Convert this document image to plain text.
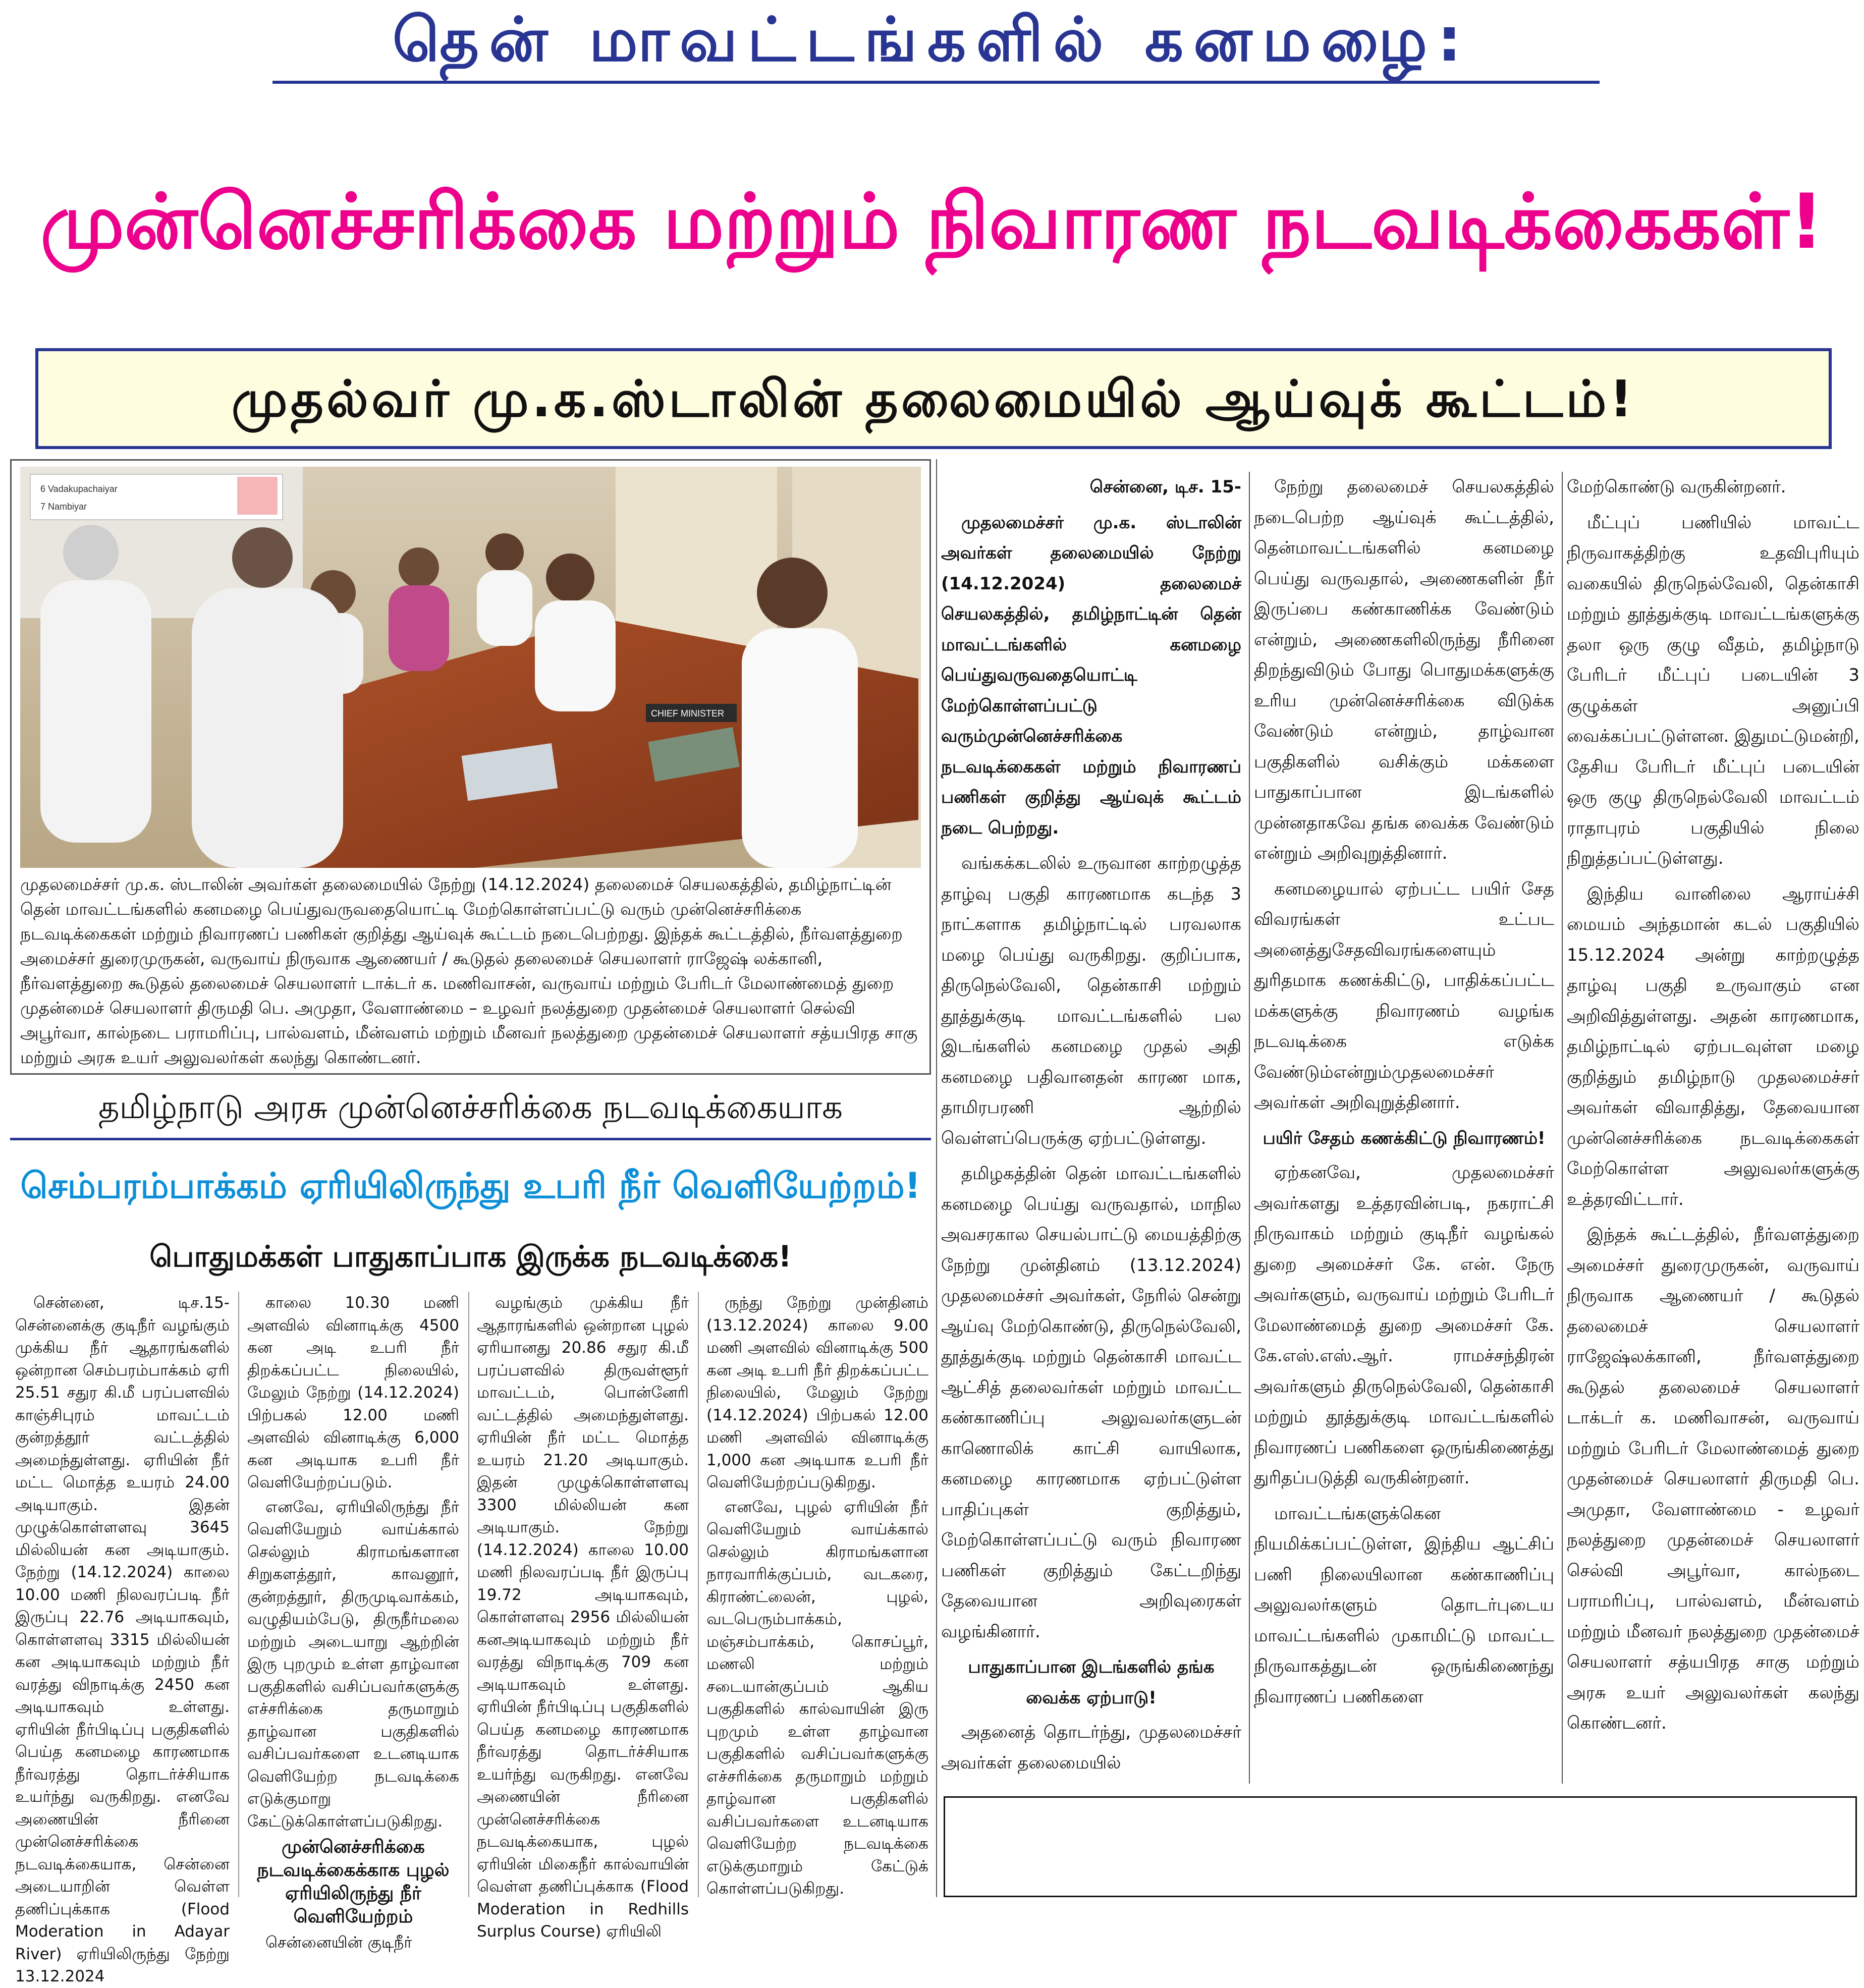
தென் மாவட்டங்களில் கனமழை:
முன்னெச்சரிக்கை மற்றும் நிவாரண நடவடிக்கைகள்!
முதல்வர் மு.க.ஸ்டாலின் தலைமையில் ஆய்வுக் கூட்டம்!
6 Vadakupachaiyar
7 Nambiyar
CHIEF MINISTER
முதலமைச்சர் மு.க. ஸ்டாலின் அவர்கள் தலைமையில் நேற்று (14.12.2024) தலைமைச் செயலகத்தில், தமிழ்நாட்டின் தென் மாவட்டங்களில் கனமழை பெய்துவருவதையொட்டி மேற்கொள்ளப்பட்டு வரும் முன்னெச்சரிக்கை நடவடிக்கைகள் மற்றும் நிவாரணப் பணிகள் குறித்து ஆய்வுக் கூட்டம் நடைபெற்றது. இந்தக் கூட்டத்தில், நீர்வளத்துறை அமைச்சர் துரைமுருகன், வருவாய் நிருவாக ஆணையர் / கூடுதல் தலைமைச் செயலாளர் ராஜேஷ் லக்கானி, நீர்வளத்துறை கூடுதல் தலைமைச் செயலாளர் டாக்டர் க. மணிவாசன், வருவாய் மற்றும் பேரிடர் மேலாண்மைத் துறை முதன்மைச் செயலாளர் திருமதி பெ. அமுதா, வேளாண்மை – உழவர் நலத்துறை முதன்மைச் செயலாளர் செல்வி அபூர்வா, கால்நடை பராமரிப்பு, பால்வளம், மீன்வளம் மற்றும் மீனவர் நலத்துறை முதன்மைச் செயலாளர் சத்யபிரத சாகு மற்றும் அரசு உயர் அலுவலர்கள் கலந்து கொண்டனர்.
தமிழ்நாடு அரசு முன்னெச்சரிக்கை நடவடிக்கையாக
செம்பரம்பாக்கம் ஏரியிலிருந்து உபரி நீர் வெளியேற்றம்!
பொதுமக்கள் பாதுகாப்பாக இருக்க நடவடிக்கை!

சென்னை, டிச.15- சென்னைக்கு குடிநீர் வழங்கும் முக்கிய நீர் ஆதாரங்களில் ஒன்றான செம்பரம்பாக்கம் ஏரி 25.51 சதுர கி.மீ பரப்பளவில் காஞ்சிபுரம் மாவட்டம் குன்றத்தூர் வட்டத்தில் அமைந்துள்ளது. ஏரியின் நீர் மட்ட மொத்த உயரம் 24.00 அடியாகும். இதன் முழுக்கொள்ளளவு 3645 மில்லியன் கன அடியாகும். நேற்று (14.12.2024) காலை 10.00 மணி நிலவரப்படி நீர் இருப்பு 22.76 அடியாகவும், கொள்ளளவு 3315 மில்லியன் கன அடியாகவும் மற்றும் நீர் வரத்து விநாடிக்கு 2450 கன அடியாகவும் உள்ளது. ஏரியின் நீர்பிடிப்பு பகுதிகளில் பெய்த கனமழை காரணமாக நீர்வரத்து தொடர்ச்சியாக உயர்ந்து வருகிறது. எனவே அணையின் நீரினை முன்னெச்சரிக்கை நடவடிக்கையாக, சென்னை அடையாறின் வெள்ள தணிப்புக்காக (Flood Moderation in Adayar River) ஏரியிலிருந்து நேற்று 13.12.2024

காலை 10.30 மணி அளவில் வினாடிக்கு 4500 கன அடி உபரி நீர் திறக்கப்பட்ட நிலையில், மேலும் நேற்று (14.12.2024) பிற்பகல் 12.00 மணி அளவில் வினாடிக்கு 6,000 கன அடியாக உபரி நீர் வெளியேற்றப்படும்.

எனவே, ஏரியிலிருந்து நீர் வெளியேறும் வாய்க்கால் செல்லும் கிராமங்களான சிறுகளத்தூர், காவனூர், குன்றத்தூர், திருமுடிவாக்கம், வழுதியம்பேடு, திருநீர்மலை மற்றும் அடையாறு ஆற்றின் இரு புறமும் உள்ள தாழ்வான பகுதிகளில் வசிப்பவர்களுக்கு எச்சரிக்கை தருமாறும் தாழ்வான பகுதிகளில் வசிப்பவர்களை உடனடியாக வெளியேற்ற நடவடிக்கை எடுக்குமாறு கேட்டுக்கொள்ளப்படுகிறது.

முன்னெச்சரிக்கை நடவடிக்கைக்காக புழல் ஏரியிலிருந்து நீர் வெளியேற்றம்

சென்னையின் குடிநீர்

வழங்கும் முக்கிய நீர் ஆதாரங்களில் ஒன்றான புழல் ஏரியானது 20.86 சதுர கி.மீ பரப்பளவில் திருவள்ளூர் மாவட்டம், பொன்னேரி வட்டத்தில் அமைந்துள்ளது. ஏரியின் நீர் மட்ட மொத்த உயரம் 21.20 அடியாகும். இதன் முழுக்கொள்ளளவு 3300 மில்லியன் கன அடியாகும். நேற்று (14.12.2024) காலை 10.00 மணி நிலவரப்படி நீர் இருப்பு 19.72 அடியாகவும், கொள்ளளவு 2956 மில்லியன் கனஅடியாகவும் மற்றும் நீர் வரத்து விநாடிக்கு 709 கன அடியாகவும் உள்ளது. ஏரியின் நீர்பிடிப்பு பகுதிகளில் பெய்த கனமழை காரணமாக நீர்வரத்து தொடர்ச்சியாக உயர்ந்து வருகிறது. எனவே அணையின் நீரினை முன்னெச்சரிக்கை நடவடிக்கையாக, புழல் ஏரியின் மிகைநீர் கால்வாயின் வெள்ள தணிப்புக்காக (Flood Moderation in Redhills Surplus Course) ஏரியிலி

ருந்து நேற்று முன்தினம் (13.12.2024) காலை 9.00 மணி அளவில் வினாடிக்கு 500 கன அடி உபரி நீர் திறக்கப்பட்ட நிலையில், மேலும் நேற்று (14.12.2024) பிற்பகல் 12.00 மணி அளவில் வினாடிக்கு 1,000 கன அடியாக உபரி நீர் வெளியேற்றப்படுகிறது.

எனவே, புழல் ஏரியின் நீர் வெளியேறும் வாய்க்கால் செல்லும் கிராமங்களான நாரவாரிக்குப்பம், வடகரை, கிராண்ட்லைன், புழல், வடபெரும்பாக்கம், மஞ்சம்பாக்கம், கொசப்பூர், மணலி மற்றும் சடையான்குப்பம் ஆகிய பகுதிகளில் கால்வாயின் இரு புறமும் உள்ள தாழ்வான பகுதிகளில் வசிப்பவர்களுக்கு எச்சரிக்கை தருமாறும் மற்றும் தாழ்வான பகுதிகளில் வசிப்பவர்களை உடனடியாக வெளியேற்ற நடவடிக்கை எடுக்குமாறும் கேட்டுக் கொள்ளப்படுகிறது.

சென்னை, டிச. 15-

முதலமைச்சர் மு.க. ஸ்டாலின் அவர்கள் தலைமையில் நேற்று (14.12.2024) தலைமைச் செயலகத்தில், தமிழ்நாட்டின் தென் மாவட்டங்களில் கனமழை பெய்துவருவதையொட்டி மேற்கொள்ளப்பட்டு வரும்முன்னெச்சரிக்கை நடவடிக்கைகள் மற்றும் நிவாரணப் பணிகள் குறித்து ஆய்வுக் கூட்டம் நடை பெற்றது.

வங்கக்கடலில் உருவான காற்றழுத்த தாழ்வு பகுதி காரணமாக கடந்த 3 நாட்களாக தமிழ்நாட்டில் பரவலாக மழை பெய்து வருகிறது. குறிப்பாக, திருநெல்வேலி, தென்காசி மற்றும் தூத்துக்குடி மாவட்டங்களில் பல இடங்களில் கனமழை முதல் அதி கனமழை பதிவானதன் காரண மாக, தாமிரபரணி ஆற்றில் வெள்ளப்பெருக்கு ஏற்பட்டுள்ளது.

தமிழகத்தின் தென் மாவட்டங்களில் கனமழை பெய்து வருவதால், மாநில அவசரகால செயல்பாட்டு மையத்திற்கு நேற்று முன்தினம் (13.12.2024) முதலமைச்சர் அவர்கள், நேரில் சென்று ஆய்வு மேற்கொண்டு, திருநெல்வேலி, தூத்துக்குடி மற்றும் தென்காசி மாவட்ட ஆட்சித் தலைவர்கள் மற்றும் மாவட்ட கண்காணிப்பு அலுவலர்களுடன் காணொலிக் காட்சி வாயிலாக, கனமழை காரணமாக ஏற்பட்டுள்ள பாதிப்புகள் குறித்தும், மேற்கொள்ளப்பட்டு வரும் நிவாரண பணிகள் குறித்தும் கேட்டறிந்து தேவையான அறிவுரைகள் வழங்கினார்.

பாதுகாப்பான இடங்களில் தங்க வைக்க ஏற்பாடு!

அதனைத் தொடர்ந்து, முதலமைச்சர் அவர்கள் தலைமையில்

நேற்று தலைமைச் செயலகத்தில் நடைபெற்ற ஆய்வுக் கூட்டத்தில், தென்மாவட்டங்களில் கனமழை பெய்து வருவதால், அணைகளின் நீர் இருப்பை கண்காணிக்க வேண்டும் என்றும், அணைகளிலிருந்து நீரினை திறந்துவிடும் போது பொதுமக்களுக்கு உரிய முன்னெச்சரிக்கை விடுக்க வேண்டும் என்றும், தாழ்வான பகுதிகளில் வசிக்கும் மக்களை பாதுகாப்பான இடங்களில் முன்னதாகவே தங்க வைக்க வேண்டும் என்றும் அறிவுறுத்தினார்.

கனமழையால் ஏற்பட்ட பயிர் சேத விவரங்கள் உட்பட அனைத்துசேதவிவரங்களையும் துரிதமாக கணக்கிட்டு, பாதிக்கப்பட்ட மக்களுக்கு நிவாரணம் வழங்க நடவடிக்கை எடுக்க வேண்டும்என்றும்முதலமைச்சர் அவர்கள் அறிவுறுத்தினார்.

பயிர் சேதம் கணக்கிட்டு நிவாரணம்!

ஏற்கனவே, முதலமைச்சர் அவர்களது உத்தரவின்படி, நகராட்சி நிருவாகம் மற்றும் குடிநீர் வழங்கல் துறை அமைச்சர் கே. என். நேரு அவர்களும், வருவாய் மற்றும் பேரிடர் மேலாண்மைத் துறை அமைச்சர் கே. கே.எஸ்.எஸ்.ஆர். ராமச்சந்திரன் அவர்களும் திருநெல்வேலி, தென்காசி மற்றும் தூத்துக்குடி மாவட்டங்களில் நிவாரணப் பணிகளை ஒருங்கிணைத்து துரிதப்படுத்தி வருகின்றனர்.

மாவட்டங்களுக்கென நியமிக்கப்பட்டுள்ள, இந்திய ஆட்சிப் பணி நிலையிலான கண்காணிப்பு அலுவலர்களும் தொடர்புடைய மாவட்டங்களில் முகாமிட்டு மாவட்ட நிருவாகத்துடன் ஒருங்கிணைந்து நிவாரணப் பணிகளை

மேற்கொண்டு வருகின்றனர்.

மீட்புப் பணியில் மாவட்ட நிருவாகத்திற்கு உதவிபுரியும் வகையில் திருநெல்வேலி, தென்காசி மற்றும் தூத்துக்குடி மாவட்டங்களுக்கு தலா ஒரு குழு வீதம், தமிழ்நாடு பேரிடர் மீட்புப் படையின் 3 குழுக்கள் அனுப்பி வைக்கப்பட்டுள்ளன. இதுமட்டுமன்றி, தேசிய பேரிடர் மீட்புப் படையின் ஒரு குழு திருநெல்வேலி மாவட்டம் ராதாபுரம் பகுதியில் நிலை நிறுத்தப்பட்டுள்ளது.

இந்திய வானிலை ஆராய்ச்சி மையம் அந்தமான் கடல் பகுதியில் 15.12.2024 அன்று காற்றழுத்த தாழ்வு பகுதி உருவாகும் என அறிவித்துள்ளது. அதன் காரணமாக, தமிழ்நாட்டில் ஏற்படவுள்ள மழை குறித்தும் தமிழ்நாடு முதலமைச்சர் அவர்கள் விவாதித்து, தேவையான முன்னெச்சரிக்கை நடவடிக்கைகள் மேற்கொள்ள அலுவலர்களுக்கு உத்தரவிட்டார்.

இந்தக் கூட்டத்தில், நீர்வளத்துறை அமைச்சர் துரைமுருகன், வருவாய் நிருவாக ஆணையர் / கூடுதல் தலைமைச் செயலாளர் ராஜேஷ்லக்கானி, நீர்வளத்துறை கூடுதல் தலைமைச் செயலாளர் டாக்டர் க. மணிவாசன், வருவாய் மற்றும் பேரிடர் மேலாண்மைத் துறை முதன்மைச் செயலாளர் திருமதி பெ. அமுதா, வேளாண்மை - உழவர் நலத்துறை முதன்மைச் செயலாளர் செல்வி அபூர்வா, கால்நடை பராமரிப்பு, பால்வளம், மீன்வளம் மற்றும் மீனவர் நலத்துறை முதன்மைச் செயலாளர் சத்யபிரத சாகு மற்றும் அரசு உயர் அலுவலர்கள் கலந்து கொண்டனர்.
